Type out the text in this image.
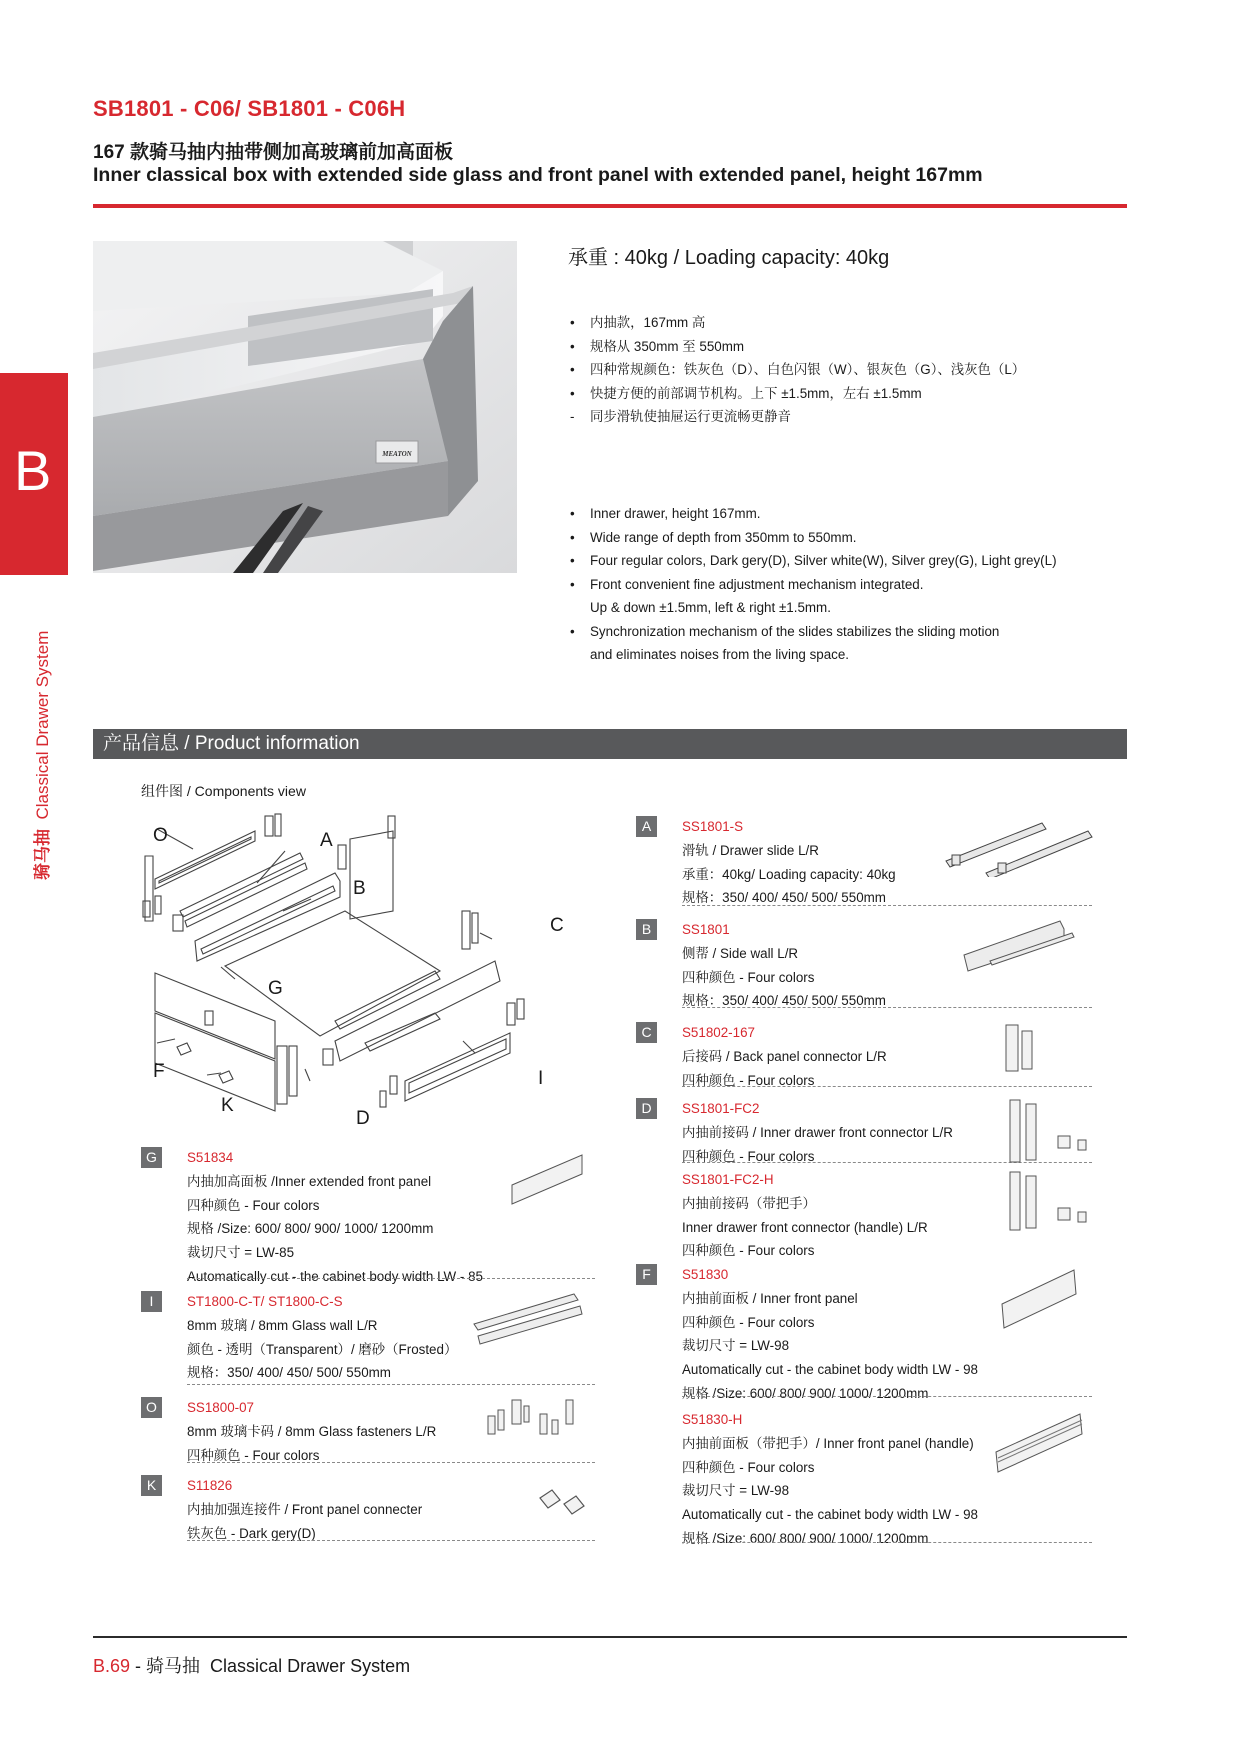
SB1801 - C06/ SB1801 - C06H
167 款骑马抽内抽带侧加高玻璃前加高面板
Inner classical box with extended side glass and front panel with extended panel, height 167mm
B
骑马抽  Classical Drawer System
MEATON
承重 : 40kg / Loading capacity: 40kg
• 内抽款，167mm 高
• 规格从 350mm 至 550mm
• 四种常规颜色：铁灰色（D）、白色闪银（W）、银灰色（G）、浅灰色（L）
• 快捷方便的前部调节机构。上下 ±1.5mm，左右 ±1.5mm
- 同步滑轨使抽屉运行更流畅更静音
• Inner drawer, height 167mm.
• Wide range of depth from 350mm to 550mm.
• Four regular colors, Dark gery(D), Silver white(W), Silver grey(G), Light grey(L)
• Front convenient fine adjustment mechanism integrated.
Up & down ±1.5mm, left & right ±1.5mm.
• Synchronization mechanism of the slides stabilizes the sliding motion
and eliminates noises from the living space.
产品信息 / Product information
组件图 / Components view
O	A
B
C
G
F
K
D
I
G	S51834
内抽加高面板 /Inner extended front panel
四种颜色 - Four colors
规格 /Size: 600/ 800/ 900/ 1000/ 1200mm
裁切尺寸 = LW-85
Automatically cut - the cabinet body width LW - 85
I	ST1800-C-T/ ST1800-C-S
8mm 玻璃 / 8mm Glass wall L/R
颜色 - 透明（Transparent）/ 磨砂（Frosted）
规格：350/ 400/ 450/ 500/ 550mm
O	SS1800-07
8mm 玻璃卡码 / 8mm Glass fasteners L/R
四种颜色 - Four colors
K	S11826
内抽加强连接件 / Front panel connecter
铁灰色 - Dark gery(D)
A	SS1801-S
滑轨 / Drawer slide L/R
承重：40kg/ Loading capacity: 40kg
规格：350/ 400/ 450/ 500/ 550mm
B	SS1801
侧帮 / Side wall L/R
四种颜色 - Four colors
规格：350/ 400/ 450/ 500/ 550mm
C	S51802-167
后接码 / Back panel connector L/R
四种颜色 - Four colors
D	SS1801-FC2
内抽前接码 / Inner drawer front connector L/R
四种颜色 - Four colors
SS1801-FC2-H
内抽前接码（带把手）
Inner drawer front connector (handle) L/R
四种颜色 - Four colors
F	S51830
内抽前面板 / Inner front panel
四种颜色 - Four colors
裁切尺寸 = LW-98
Automatically cut - the cabinet body width LW - 98
规格 /Size: 600/ 800/ 900/ 1000/ 1200mm
S51830-H
内抽前面板（带把手）/ Inner front panel (handle)
四种颜色 - Four colors
裁切尺寸 = LW-98
Automatically cut - the cabinet body width LW - 98
规格 /Size: 600/ 800/ 900/ 1000/ 1200mm
B.69 - 骑马抽 Classical Drawer System
